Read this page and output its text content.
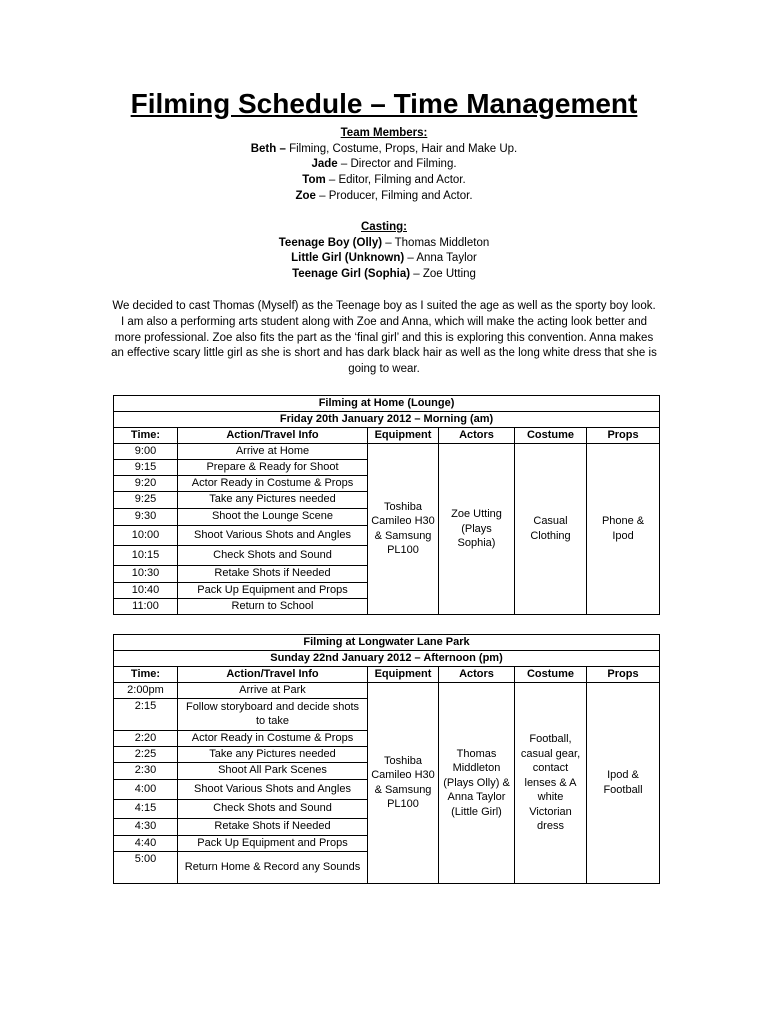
Filming Schedule – Time Management
Team Members:
Beth – Filming, Costume, Props, Hair and Make Up.
Jade – Director and Filming.
Tom – Editor, Filming and Actor.
Zoe – Producer, Filming and Actor.
Casting:
Teenage Boy (Olly) – Thomas Middleton
Little Girl (Unknown) – Anna Taylor
Teenage Girl (Sophia) – Zoe Utting
We decided to cast Thomas (Myself) as the Teenage boy as I suited the age as well as the sporty boy look. I am also a performing arts student along with Zoe and Anna, which will make the acting look better and more professional. Zoe also fits the part as the ‘final girl’ and this is exploring this convention. Anna makes an effective scary little girl as she is short and has dark black hair as well as the long white dress that she is going to wear.
Filming at Home (Lounge)					
Friday 20th January 2012 – Morning (am)					
Time:	Action/Travel Info	Equipment	Actors	Costume	Props
9:00	Arrive at Home	Toshiba Camileo H30 & Samsung PL100	Zoe Utting (Plays Sophia)	Casual Clothing	Phone & Ipod
9:15	Prepare & Ready for Shoot				
9:20	Actor Ready in Costume & Props				
9:25	Take any Pictures needed				
9:30	Shoot the Lounge Scene				
10:00	Shoot Various Shots and Angles				
10:15	Check Shots and Sound				
10:30	Retake Shots if Needed				
10:40	Pack Up Equipment and Props				
11:00	Return to School				
Filming at Longwater Lane Park					
Sunday 22nd January 2012 – Afternoon (pm)					
Time:	Action/Travel Info	Equipment	Actors	Costume	Props
2:00pm	Arrive at Park	Toshiba Camileo H30 & Samsung PL100	Thomas Middleton (Plays Olly) & Anna Taylor (Little Girl)	Football, casual gear, contact lenses & A white Victorian dress	Ipod & Football
2:15	Follow storyboard and decide shots to take				
2:20	Actor Ready in Costume & Props				
2:25	Take any Pictures needed				
2:30	Shoot All Park Scenes				
4:00	Shoot Various Shots and Angles				
4:15	Check Shots and Sound				
4:30	Retake Shots if Needed				
4:40	Pack Up Equipment and Props				
5:00	Return Home & Record any Sounds				
